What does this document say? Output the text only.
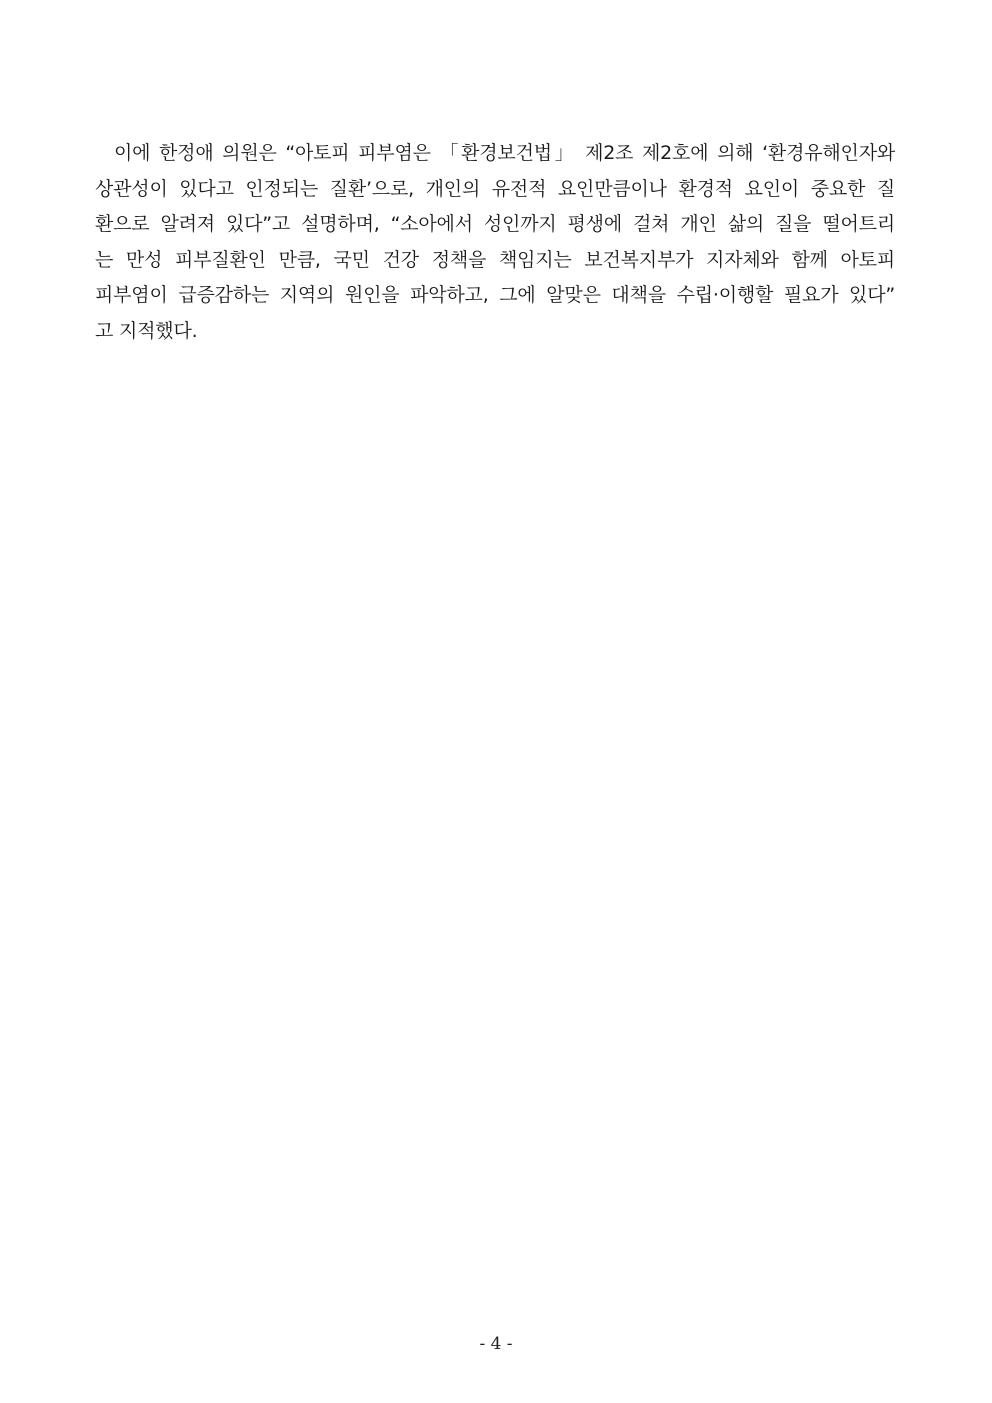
이에 한정애 의원은 “아토피 피부염은 「환경보건법」 제2조 제2호에 의해 ‘환경유해인자와
상관성이 있다고 인정되는 질환’으로, 개인의 유전적 요인만큼이나 환경적 요인이 중요한 질
환으로 알려져 있다”고 설명하며, “소아에서 성인까지 평생에 걸쳐 개인 삶의 질을 떨어트리
는 만성 피부질환인 만큼, 국민 건강 정책을 책임지는 보건복지부가 지자체와 함께 아토피
피부염이 급증감하는 지역의 원인을 파악하고, 그에 알맞은 대책을 수립·이행할 필요가 있다”
고 지적했다.
- 4 -
